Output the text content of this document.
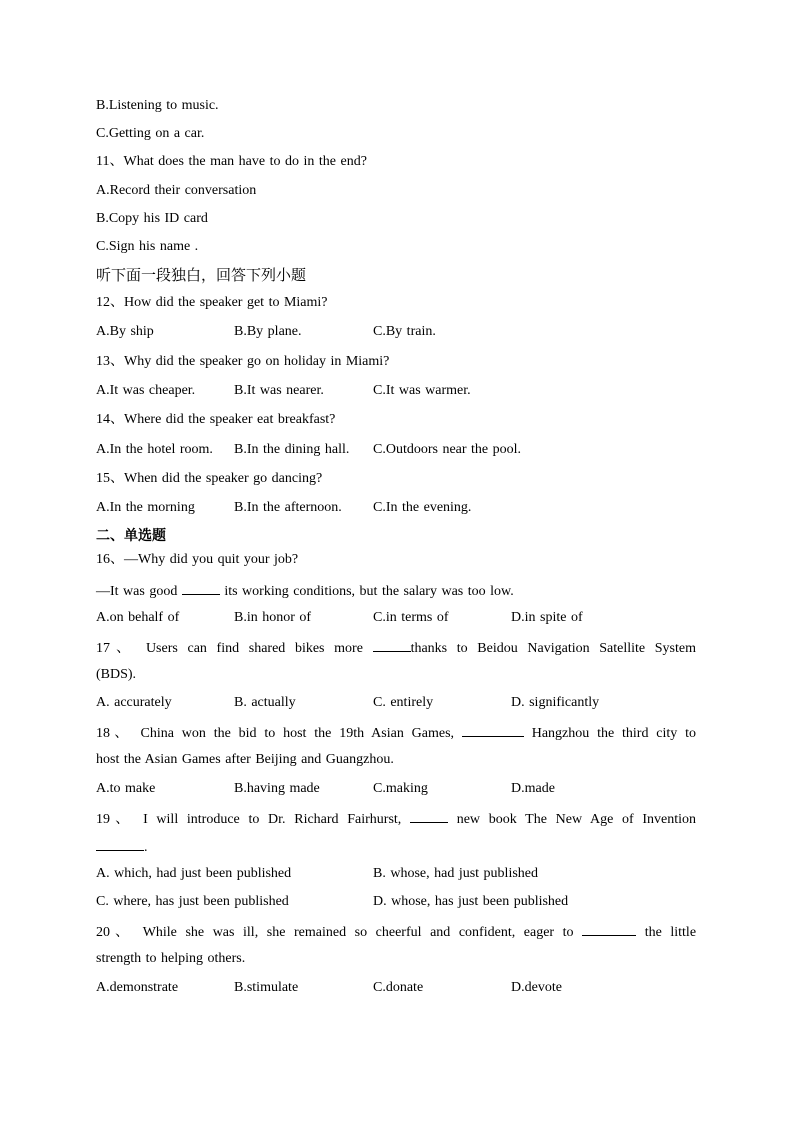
B.Listening to music.
C.Getting on a car.
11、What does the man have to do in the end?
A.Record their conversation
B.Copy his ID card
C.Sign his name .
听下面一段独白，回答下列小题
12、How did the speaker get to Miami?
A.By ship	B.By plane.	C.By train.
13、Why did the speaker go on holiday in Miami?
A.It was cheaper.	B.It was nearer.	C.It was warmer.
14、Where did the speaker eat breakfast?
A.In the hotel room.	B.In the dining hall.	C.Outdoors near the pool.
15、When did the speaker go dancing?
A.In the morning	B.In the afternoon.	C.In the evening.
二、单选题
16、—Why did you quit your job?
—It was good	its working conditions, but the salary was too low.
A.on behalf of	B.in honor of	C.in terms of	D.in spite of
17、 Users can find shared bikes more	thanks to Beidou Navigation Satellite System
(BDS).
A. accurately	B. actually	C. entirely	D. significantly
18、 China won the bid to host the 19th Asian Games,	Hangzhou the third city to
host the Asian Games after Beijing and Guangzhou.
A.to make	B.having made	C.making	D.made
19、 I will introduce to Dr. Richard Fairhurst,	new book The New Age of Invention
.
A. which, had just been published	B. whose, had just published
C. where, has just been published	D. whose, has just been published
20、 While she was ill, she remained so cheerful and confident, eager to	the little
strength to helping others.
A.demonstrate	B.stimulate	C.donate	D.devote
